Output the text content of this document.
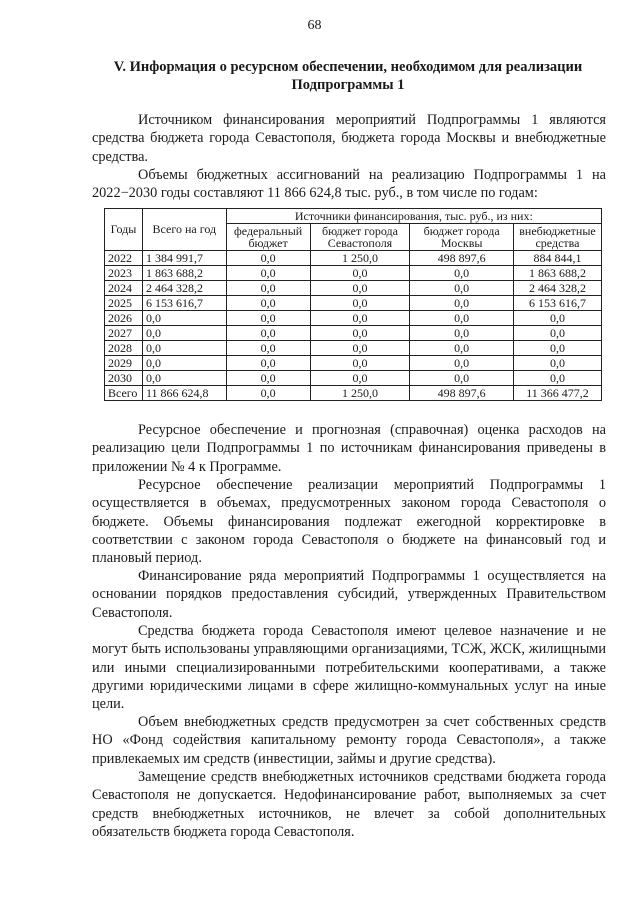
68
V. Информация о ресурсном обеспечении, необходимом для реализации
Подпрограммы 1

Источником финансирования мероприятий Подпрограммы 1 являются средства бюджета города Севастополя, бюджета города Москвы и внебюджетные средства.

Объемы бюджетных ассигнований на реализацию Подпрограммы 1 на 2022−2030 годы составляют 11 866 624,8 тыс. руб., в том числе по годам:

Годы	Всего на год	Источники финансирования, тыс. руб., из них:			
		федеральный бюджет	бюджет города Севастополя	бюджет города Москвы	внебюджетные средства
2022	1 384 991,7	0,0	1 250,0	498 897,6	884 844,1
2023	1 863 688,2	0,0	0,0	0,0	1 863 688,2
2024	2 464 328,2	0,0	0,0	0,0	2 464 328,2
2025	6 153 616,7	0,0	0,0	0,0	6 153 616,7
2026	0,0	0,0	0,0	0,0	0,0
2027	0,0	0,0	0,0	0,0	0,0
2028	0,0	0,0	0,0	0,0	0,0
2029	0,0	0,0	0,0	0,0	0,0
2030	0,0	0,0	0,0	0,0	0,0
Всего	11 866 624,8	0,0	1 250,0	498 897,6	11 366 477,2

Ресурсное обеспечение и прогнозная (справочная) оценка расходов на реализацию цели Подпрограммы 1 по источникам финансирования приведены в приложении № 4 к Программе.

Ресурсное обеспечение реализации мероприятий Подпрограммы 1 осуществляется в объемах, предусмотренных законом города Севастополя о бюджете. Объемы финансирования подлежат ежегодной корректировке в соответствии с законом города Севастополя о бюджете на финансовый год и плановый период.

Финансирование ряда мероприятий Подпрограммы 1 осуществляется на основании порядков предоставления субсидий, утвержденных Правительством Севастополя.

Средства бюджета города Севастополя имеют целевое назначение и не могут быть использованы управляющими организациями, ТСЖ, ЖСК, жилищными или иными специализированными потребительскими кооперативами, а также другими юридическими лицами в сфере жилищно-коммунальных услуг на иные цели.

Объем внебюджетных средств предусмотрен за счет собственных средств НО «Фонд содействия капитальному ремонту города Севастополя», а также привлекаемых им средств (инвестиции, займы и другие средства).

Замещение средств внебюджетных источников средствами бюджета города Севастополя не допускается. Недофинансирование работ, выполняемых за счет средств внебюджетных источников, не влечет за собой дополнительных обязательств бюджета города Севастополя.
